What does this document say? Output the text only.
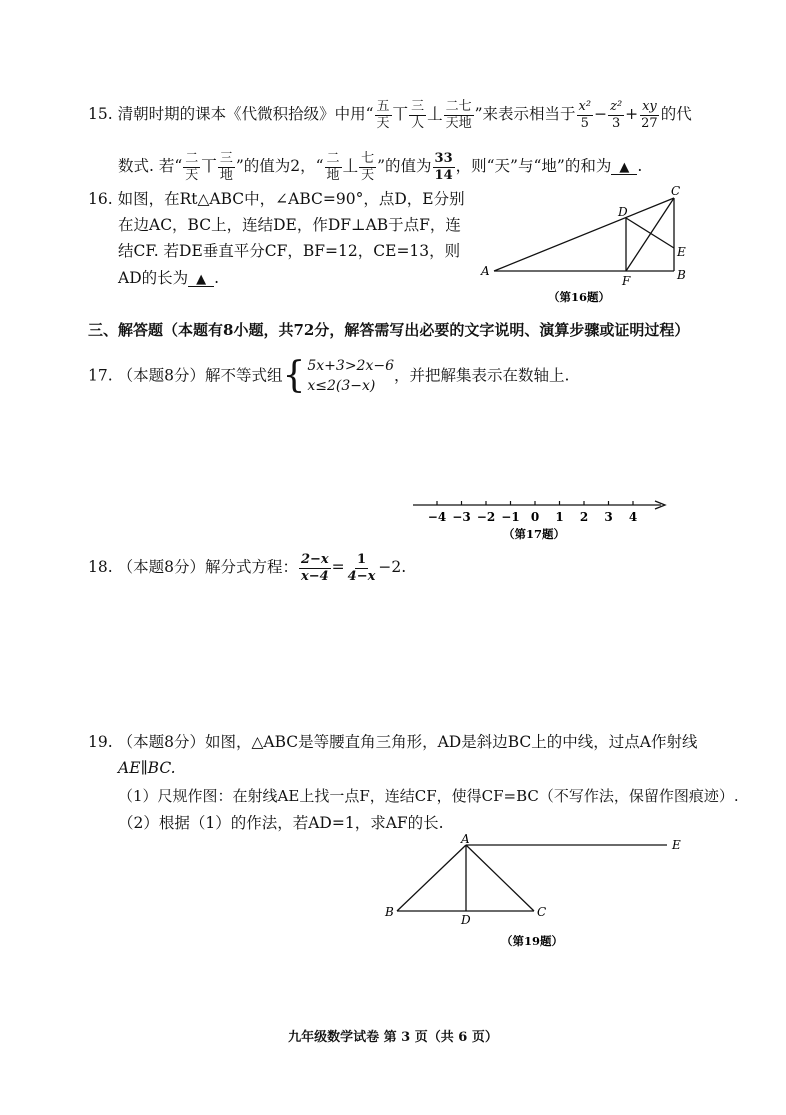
15. 清朝时期的课本《代微积拾级》中用“ $\frac{\text{五}}{\text{天}}$ 丅 $\frac{\text{三}}{\text{人}}$ 丄 $\frac{\text{二七}}{\text{天地}}$ ”来表示相当于 $\frac{\text{x²}}{5} - \frac{\text{z²}}{3} + \frac{xy}{27}$ 的代
数式. 若“ $\frac{\text{二}}{\text{天}}$ 丅 $\frac{\text{三}}{\text{地}}$ ”的值为2，“ $\frac{\text{二}}{\text{地}}$ 丄 $\frac{\text{七}}{\text{天}}$ ”的值为 $\frac{33}{14}$ ，则“天”与“地”的和为 ▲ .
16. 如图，在Rt△ABC中，∠ABC=90°，点D，E分别
在边AC，BC上，连结DE，作DF⊥AB于点F，连
结CF. 若DE垂直平分CF，BF=12，CE=13，则
AD的长为 ▲ .	A	B
C
D
E
F
（第16题）
三、解答题（本题有8小题，共72分，解答需写出必要的文字说明、演算步骤或证明过程）
17. （本题8分）解不等式组 { 5x+3>2x−6
x≤2(3−x)
，并把解集表示在数轴上.
−4 −3 −2 −1 0 1 2 3 4
（第17题）
18. （本题8分）解分式方程： $\frac{2-x}{x-4} = \frac{1}{4-x} -2$.
19. （本题8分）如图，△ABC是等腰直角三角形，AD是斜边BC上的中线，过点A作射线
AE∥BC.
（1）尺规作图：在射线AE上找一点F，连结CF，使得CF=BC（不写作法，保留作图痕迹）.
（2）根据（1）的作法，若AD=1，求AF的长.
A
B	C
D
E
（第19题）
九年级数学试卷 第 3 页（共 6 页）
